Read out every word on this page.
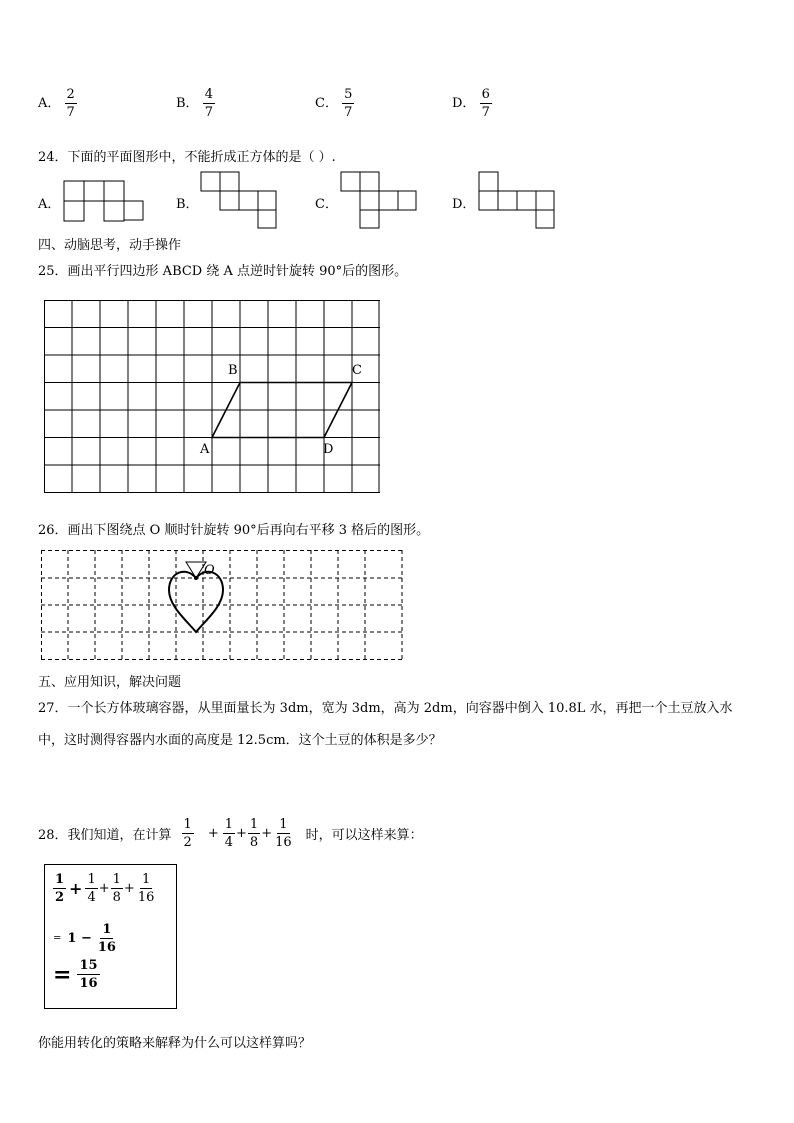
A． $\frac{2}{7}$	B． $\frac{4}{7}$	C． $\frac{5}{7}$	D． $\frac{6}{7}$
24．下面的平面图形中，不能折成正方体的是（ ）.
A．	B．	C．	D．
四、动脑思考，动手操作
25．画出平行四边形 ABCD 绕 A 点逆时针旋转 90°后的图形。
B	C
A	D
26．画出下图绕点 O 顺时针旋转 90°后再向右平移 3 格后的图形。
O
五、应用知识，解决问题
27．一个长方体玻璃容器，从里面量长为 3dm，宽为 3dm，高为 2dm，向容器中倒入 10.8L 水，再把一个土豆放入水
中，这时测得容器内水面的高度是 12.5cm．这个土豆的体积是多少？
28．我们知道，在计算 $\frac{1}{2} + \frac{1}{4} + \frac{1}{8} + \frac{1}{16}$ 时，可以这样来算：
$\frac{1}{2} + \frac{1}{4} + \frac{1}{8} + \frac{1}{16}$
= $1 - \frac{1}{16}$
= $\frac{15}{16}$
你能用转化的策略来解释为什么可以这样算吗？
